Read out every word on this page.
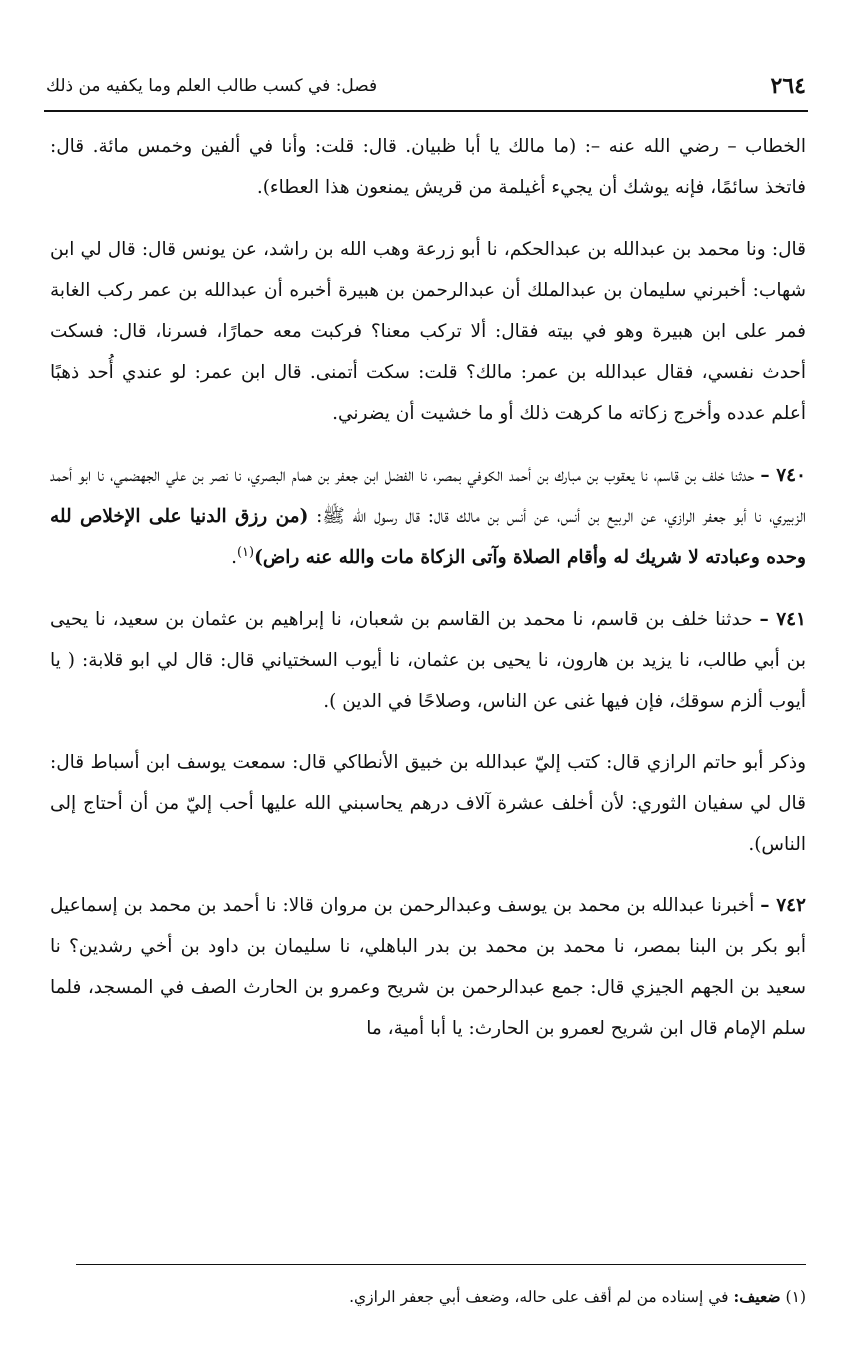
٢٦٤
فصل: في كسب طالب العلم وما يكفيه من ذلك

الخطاب – رضي الله عنه –: (ما مالك يا أبا ظبيان. قال: قلت: وأنا في ألفين وخمس مائة. قال: فاتخذ سائمًا، فإنه يوشك أن يجيء أغيلمة من قريش يمنعون هذا العطاء).

قال: ونا محمد بن عبدالله بن عبدالحكم، نا أبو زرعة وهب الله بن راشد، عن يونس قال: قال لي ابن شهاب: أخبرني سليمان بن عبدالملك أن عبدالرحمن بن هبيرة أخبره أن عبدالله بن عمر ركب الغابة فمر على ابن هبيرة وهو في بيته فقال: ألا تركب معنا؟ فركبت معه حمارًا، فسرنا، قال: فسكت أحدث نفسي، فقال عبدالله بن عمر: مالك؟ قلت: سكت أتمنى. قال ابن عمر: لو عندي أُحد ذهبًا أعلم عدده وأخرج زكاته ما كرهت ذلك أو ما خشيت أن يضرني.

٧٤٠ – حدثنا خلف بن قاسم، نا يعقوب بن مبارك بن أحمد الكوفي بمصر، نا الفضل ابن جعفر بن همام البصري، نا نصر بن علي الجهضمي، نا ابو أحمد الزبيري، نا أبو جعفر الرازي، عن الربيع بن أنس، عن أنس بن مالك قال: قال رسول الله ﷺ: (من رزق الدنيا على الإخلاص لله وحده وعبادته لا شريك له وأقام الصلاة وآتى الزكاة مات والله عنه راض)$^{(١)}$.

٧٤١ – حدثنا خلف بن قاسم، نا محمد بن القاسم بن شعبان، نا إبراهيم بن عثمان بن سعيد، نا يحيى بن أبي طالب، نا يزيد بن هارون، نا يحيى بن عثمان، نا أيوب السختياني قال: قال لي ابو قلابة: ( يا أيوب ألزم سوقك، فإن فيها غنى عن الناس، وصلاحًا في الدين ).

وذكر أبو حاتم الرازي قال: كتب إليّ عبدالله بن خبيق الأنطاكي قال: سمعت يوسف ابن أسباط قال: قال لي سفيان الثوري: لأن أخلف عشرة آلاف درهم يحاسبني الله عليها أحب إليّ من أن أحتاج إلى الناس).

٧٤٢ – أخبرنا عبدالله بن محمد بن يوسف وعبدالرحمن بن مروان قالا: نا أحمد بن محمد بن إسماعيل أبو بكر بن البنا بمصر، نا محمد بن محمد بن بدر الباهلي، نا سليمان بن داود بن أخي رشدين؟ نا سعيد بن الجهم الجيزي قال: جمع عبدالرحمن بن شريح وعمرو بن الحارث الصف في المسجد، فلما سلم الإمام قال ابن شريح لعمرو بن الحارث: يا أبا أمية، ما

(١) ضعيف: في إسناده من لم أقف على حاله، وضعف أبي جعفر الرازي.
